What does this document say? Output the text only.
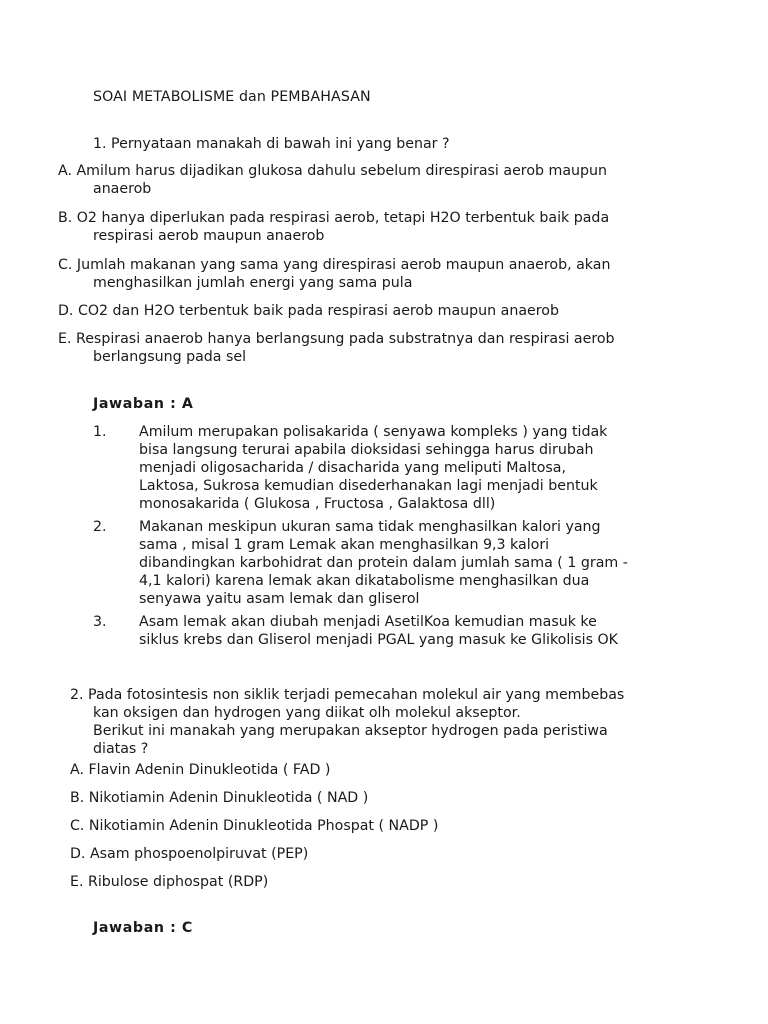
SOAI METABOLISME dan PEMBAHASAN
1. Pernyataan manakah di bawah ini yang benar ?
A. Amilum harus dijadikan glukosa dahulu sebelum direspirasi aerob maupun
anaerob
B. O2 hanya diperlukan pada respirasi aerob, tetapi H2O terbentuk baik pada
respirasi aerob maupun anaerob
C. Jumlah makanan yang sama yang direspirasi aerob maupun anaerob, akan
menghasilkan jumlah energi yang sama pula
D. CO2 dan H2O terbentuk baik pada respirasi aerob maupun anaerob
E. Respirasi anaerob hanya berlangsung pada substratnya dan respirasi aerob
berlangsung pada sel
Jawaban : A
1.	Amilum merupakan polisakarida ( senyawa kompleks ) yang tidak
bisa langsung terurai apabila dioksidasi sehingga harus dirubah
menjadi oligosacharida / disacharida yang meliputi Maltosa,
Laktosa, Sukrosa kemudian disederhanakan lagi menjadi bentuk
monosakarida ( Glukosa , Fructosa , Galaktosa dll)
2.	Makanan meskipun ukuran sama tidak menghasilkan kalori yang
sama , misal 1 gram Lemak akan menghasilkan 9,3 kalori
dibandingkan karbohidrat dan protein dalam jumlah sama ( 1 gram -
4,1 kalori) karena lemak akan dikatabolisme menghasilkan dua
senyawa yaitu asam lemak dan gliserol
3.	Asam lemak akan diubah menjadi AsetilKoa kemudian masuk ke
siklus krebs dan Gliserol menjadi PGAL yang masuk ke Glikolisis OK
2. Pada fotosintesis non siklik terjadi pemecahan molekul air yang membebas
kan oksigen dan hydrogen yang diikat olh molekul akseptor.
Berikut ini manakah yang merupakan akseptor hydrogen pada peristiwa
diatas ?
A. Flavin Adenin Dinukleotida ( FAD )
B. Nikotiamin Adenin Dinukleotida ( NAD )
C. Nikotiamin Adenin Dinukleotida Phospat ( NADP )
D. Asam phospoenolpiruvat (PEP)
E. Ribulose diphospat (RDP)
Jawaban : C
